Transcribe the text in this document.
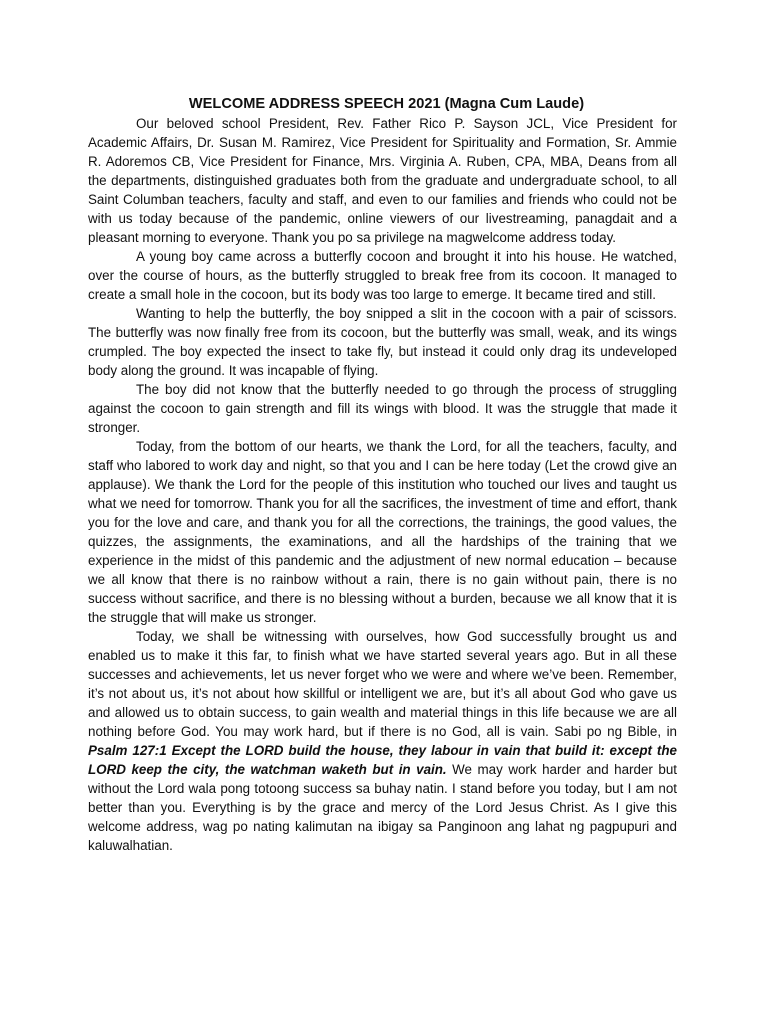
WELCOME ADDRESS SPEECH 2021 (Magna Cum Laude)

Our beloved school President, Rev. Father Rico P. Sayson JCL, Vice President for Academic Affairs, Dr. Susan M. Ramirez, Vice President for Spirituality and Formation, Sr. Ammie R. Adoremos CB, Vice President for Finance, Mrs. Virginia A. Ruben, CPA, MBA, Deans from all the departments, distinguished graduates both from the graduate and undergraduate school, to all Saint Columban teachers, faculty and staff, and even to our families and friends who could not be with us today because of the pandemic, online viewers of our livestreaming, panagdait and a pleasant morning to everyone. Thank you po sa privilege na magwelcome address today.

A young boy came across a butterfly cocoon and brought it into his house. He watched, over the course of hours, as the butterfly struggled to break free from its cocoon. It managed to create a small hole in the cocoon, but its body was too large to emerge. It became tired and still.

Wanting to help the butterfly, the boy snipped a slit in the cocoon with a pair of scissors. The butterfly was now finally free from its cocoon, but the butterfly was small, weak, and its wings crumpled. The boy expected the insect to take fly, but instead it could only drag its undeveloped body along the ground. It was incapable of flying.

The boy did not know that the butterfly needed to go through the process of struggling against the cocoon to gain strength and fill its wings with blood. It was the struggle that made it stronger.

Today, from the bottom of our hearts, we thank the Lord, for all the teachers, faculty, and staff who labored to work day and night, so that you and I can be here today (Let the crowd give an applause). We thank the Lord for the people of this institution who touched our lives and taught us what we need for tomorrow. Thank you for all the sacrifices, the investment of time and effort, thank you for the love and care, and thank you for all the corrections, the trainings, the good values, the quizzes, the assignments, the examinations, and all the hardships of the training that we experience in the midst of this pandemic and the adjustment of new normal education – because we all know that there is no rainbow without a rain, there is no gain without pain, there is no success without sacrifice, and there is no blessing without a burden, because we all know that it is the struggle that will make us stronger.

Today, we shall be witnessing with ourselves, how God successfully brought us and enabled us to make it this far, to finish what we have started several years ago. But in all these successes and achievements, let us never forget who we were and where we’ve been. Remember, it’s not about us, it’s not about how skillful or intelligent we are, but it’s all about God who gave us and allowed us to obtain success, to gain wealth and material things in this life because we are all nothing before God. You may work hard, but if there is no God, all is vain. Sabi po ng Bible, in Psalm 127:1 Except the LORD build the house, they labour in vain that build it: except the LORD keep the city, the watchman waketh but in vain. We may work harder and harder but without the Lord wala pong totoong success sa buhay natin. I stand before you today, but I am not better than you. Everything is by the grace and mercy of the Lord Jesus Christ. As I give this welcome address, wag po nating kalimutan na ibigay sa Panginoon ang lahat ng pagpupuri and kaluwalhatian.
